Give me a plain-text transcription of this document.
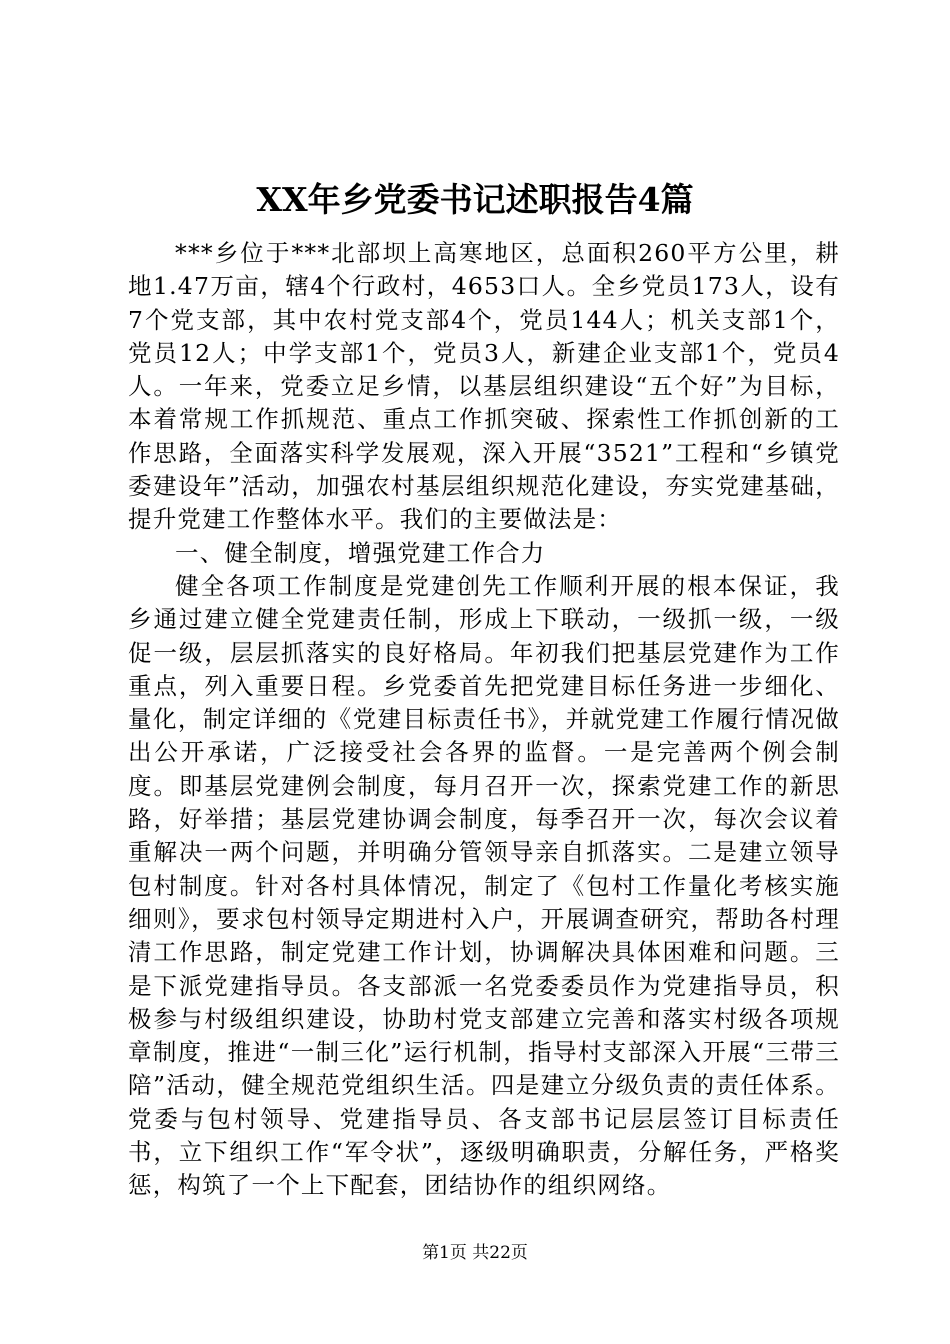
XX年乡党委书记述职报告4篇

***乡位于***北部坝上高寒地区，总面积260平方公里，耕地1.47万亩，辖4个行政村，4653口人。全乡党员173人，设有7个党支部，其中农村党支部4个，党员144人；机关支部1个，党员12人；中学支部1个，党员3人，新建企业支部1个，党员4人。一年来，党委立足乡情，以基层组织建设“五个好”为目标，本着常规工作抓规范、重点工作抓突破、探索性工作抓创新的工作思路，全面落实科学发展观，深入开展“3521”工程和“乡镇党委建设年”活动，加强农村基层组织规范化建设，夯实党建基础，提升党建工作整体水平。我们的主要做法是：

一、健全制度，增强党建工作合力

健全各项工作制度是党建创先工作顺利开展的根本保证，我乡通过建立健全党建责任制，形成上下联动，一级抓一级，一级促一级，层层抓落实的良好格局。年初我们把基层党建作为工作重点，列入重要日程。乡党委首先把党建目标任务进一步细化、量化，制定详细的《党建目标责任书》，并就党建工作履行情况做出公开承诺，广泛接受社会各界的监督。一是完善两个例会制度。即基层党建例会制度，每月召开一次，探索党建工作的新思路，好举措；基层党建协调会制度，每季召开一次，每次会议着重解决一两个问题，并明确分管领导亲自抓落实。二是建立领导包村制度。针对各村具体情况，制定了《包村工作量化考核实施细则》，要求包村领导定期进村入户，开展调查研究，帮助各村理清工作思路，制定党建工作计划，协调解决具体困难和问题。三是下派党建指导员。各支部派一名党委委员作为党建指导员，积极参与村级组织建设，协助村党支部建立完善和落实村级各项规章制度，推进“一制三化”运行机制，指导村支部深入开展“三带三陪”活动，健全规范党组织生活。四是建立分级负责的责任体系。党委与包村领导、党建指导员、各支部书记层层签订目标责任书，立下组织工作“军令状”，逐级明确职责，分解任务，严格奖惩，构筑了一个上下配套，团结协作的组织网络。

第1页 共22页
